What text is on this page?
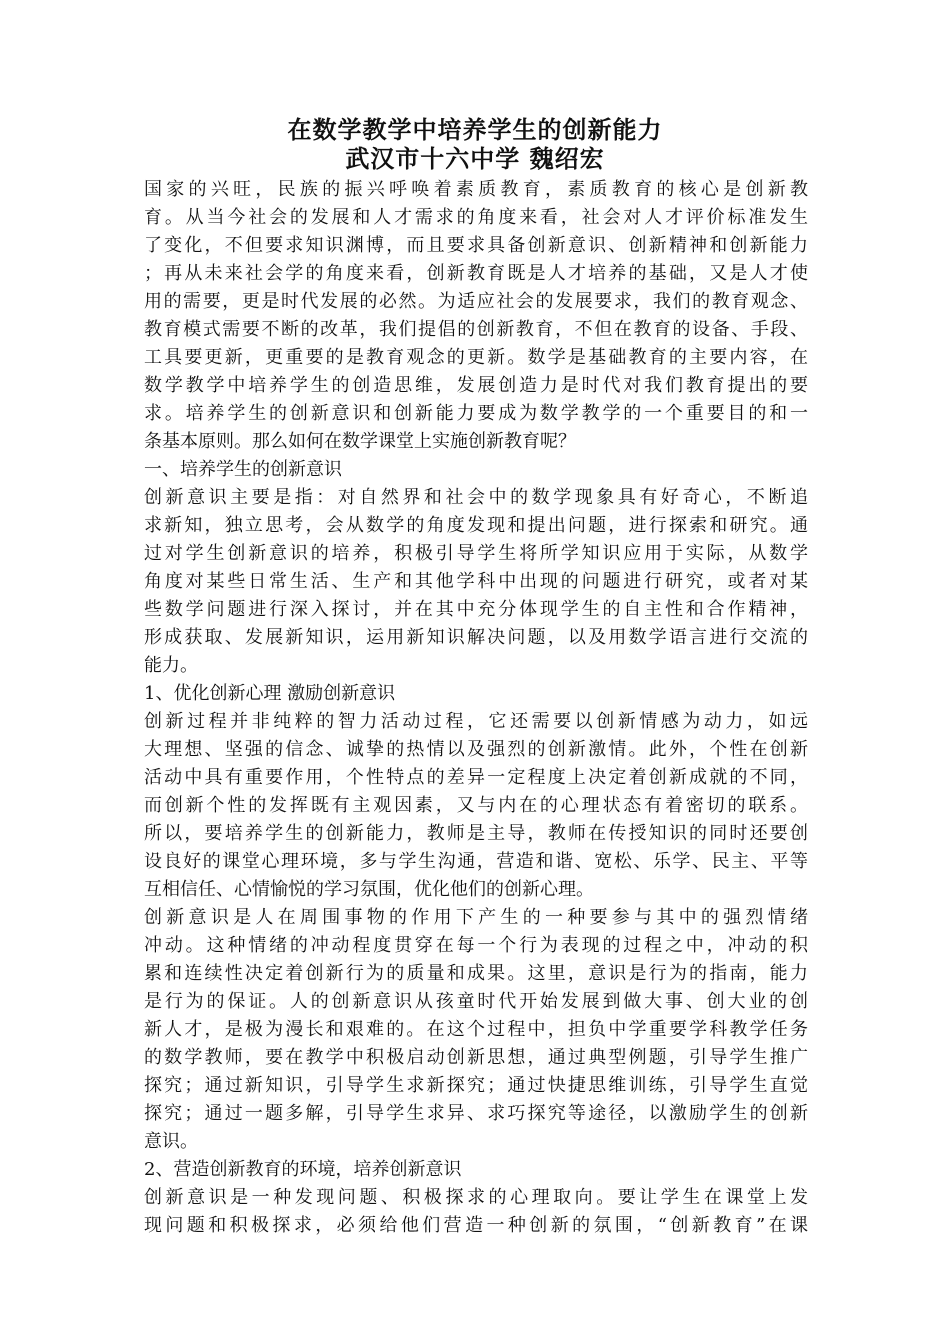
在数学教学中培养学生的创新能力
武汉市十六中学 魏绍宏
国家的兴旺，民族的振兴呼唤着素质教育，素质教育的核心是创新教
育。从当今社会的发展和人才需求的角度来看，社会对人才评价标准发生
了变化，不但要求知识渊博，而且要求具备创新意识、创新精神和创新能力
；再从未来社会学的角度来看，创新教育既是人才培养的基础，又是人才使
用的需要，更是时代发展的必然。为适应社会的发展要求，我们的教育观念、
教育模式需要不断的改革，我们提倡的创新教育，不但在教育的设备、手段、
工具要更新，更重要的是教育观念的更新。数学是基础教育的主要内容，在
数学教学中培养学生的创造思维，发展创造力是时代对我们教育提出的要
求。培养学生的创新意识和创新能力要成为数学教学的一个重要目的和一
条基本原则。那么如何在数学课堂上实施创新教育呢？
一、培养学生的创新意识
创新意识主要是指：对自然界和社会中的数学现象具有好奇心，不断追
求新知，独立思考，会从数学的角度发现和提出问题，进行探索和研究。通
过对学生创新意识的培养，积极引导学生将所学知识应用于实际，从数学
角度对某些日常生活、生产和其他学科中出现的问题进行研究，或者对某
些数学问题进行深入探讨，并在其中充分体现学生的自主性和合作精神，
形成获取、发展新知识，运用新知识解决问题，以及用数学语言进行交流的
能力。
1、优化创新心理 激励创新意识
创新过程并非纯粹的智力活动过程，它还需要以创新情感为动力，如远
大理想、坚强的信念、诚挚的热情以及强烈的创新激情。此外，个性在创新
活动中具有重要作用，个性特点的差异一定程度上决定着创新成就的不同，
而创新个性的发挥既有主观因素，又与内在的心理状态有着密切的联系。
所以，要培养学生的创新能力，教师是主导，教师在传授知识的同时还要创
设良好的课堂心理环境，多与学生沟通，营造和谐、宽松、乐学、民主、平等
互相信任、心情愉悦的学习氛围，优化他们的创新心理。
创新意识是人在周围事物的作用下产生的一种要参与其中的强烈情绪
冲动。这种情绪的冲动程度贯穿在每一个行为表现的过程之中，冲动的积
累和连续性决定着创新行为的质量和成果。这里，意识是行为的指南，能力
是行为的保证。人的创新意识从孩童时代开始发展到做大事、创大业的创
新人才，是极为漫长和艰难的。在这个过程中，担负中学重要学科教学任务
的数学教师，要在教学中积极启动创新思想，通过典型例题，引导学生推广
探究；通过新知识，引导学生求新探究；通过快捷思维训练，引导学生直觉
探究；通过一题多解，引导学生求异、求巧探究等途径，以激励学生的创新
意识。
2、营造创新教育的环境，培养创新意识
创新意识是一种发现问题、积极探求的心理取向。要让学生在课堂上发
现问题和积极探求，必须给他们营造一种创新的氛围，“创新教育”在课
